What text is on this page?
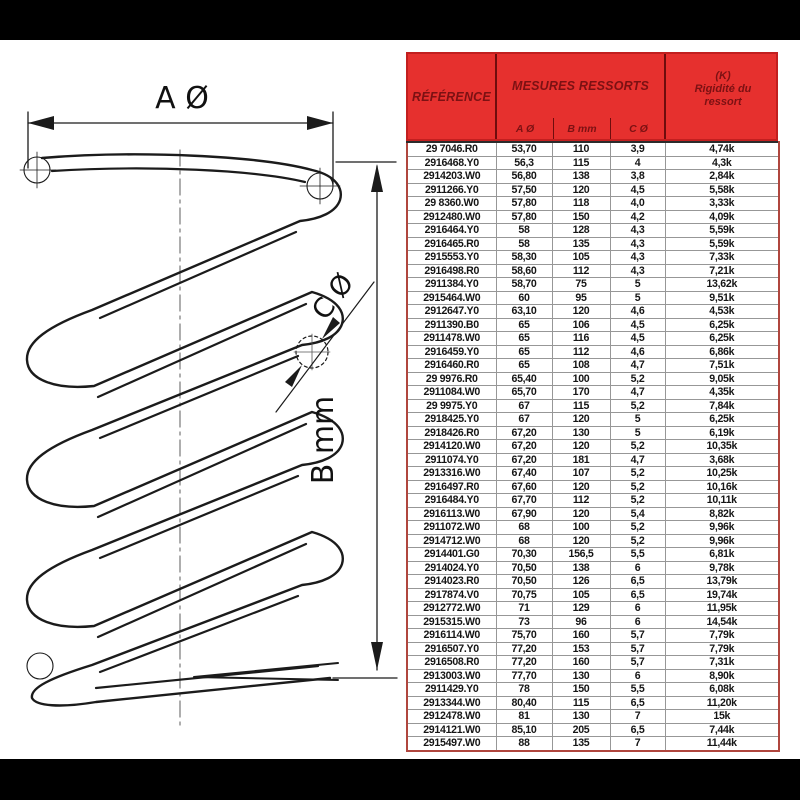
A Ø
B mm
C Ø
RÉFÉRENCE
MESURES RESSORTS
A Ø	B mm	C Ø
(K)
Rigidité du
ressort
29 7046.R0	53,70	110	3,9	4,74k
2916468.Y0	56,3	115	4	4,3k
2914203.W0	56,80	138	3,8	2,84k
2911266.Y0	57,50	120	4,5	5,58k
29 8360.W0	57,80	118	4,0	3,33k
2912480.W0	57,80	150	4,2	4,09k
2916464.Y0	58	128	4,3	5,59k
2916465.R0	58	135	4,3	5,59k
2915553.Y0	58,30	105	4,3	7,33k
2916498.R0	58,60	112	4,3	7,21k
2911384.Y0	58,70	75	5	13,62k
2915464.W0	60	95	5	9,51k
2912647.Y0	63,10	120	4,6	4,53k
2911390.B0	65	106	4,5	6,25k
2911478.W0	65	116	4,5	6,25k
2916459.Y0	65	112	4,6	6,86k
2916460.R0	65	108	4,7	7,51k
29 9976.R0	65,40	100	5,2	9,05k
2911084.W0	65,70	170	4,7	4,35k
29 9975.Y0	67	115	5,2	7,84k
2918425.Y0	67	120	5	6,25k
2918426.R0	67,20	130	5	6,19k
2914120.W0	67,20	120	5,2	10,35k
2911074.Y0	67,20	181	4,7	3,68k
2913316.W0	67,40	107	5,2	10,25k
2916497.R0	67,60	120	5,2	10,16k
2916484.Y0	67,70	112	5,2	10,11k
2916113.W0	67,90	120	5,4	8,82k
2911072.W0	68	100	5,2	9,96k
2914712.W0	68	120	5,2	9,96k
2914401.G0	70,30	156,5	5,5	6,81k
2914024.Y0	70,50	138	6	9,78k
2914023.R0	70,50	126	6,5	13,79k
2917874.V0	70,75	105	6,5	19,74k
2912772.W0	71	129	6	11,95k
2915315.W0	73	96	6	14,54k
2916114.W0	75,70	160	5,7	7,79k
2916507.Y0	77,20	153	5,7	7,79k
2916508.R0	77,20	160	5,7	7,31k
2913003.W0	77,70	130	6	8,90k
2911429.Y0	78	150	5,5	6,08k
2913344.W0	80,40	115	6,5	11,20k
2912478.W0	81	130	7	15k
2914121.W0	85,10	205	6,5	7,44k
2915497.W0	88	135	7	11,44k
